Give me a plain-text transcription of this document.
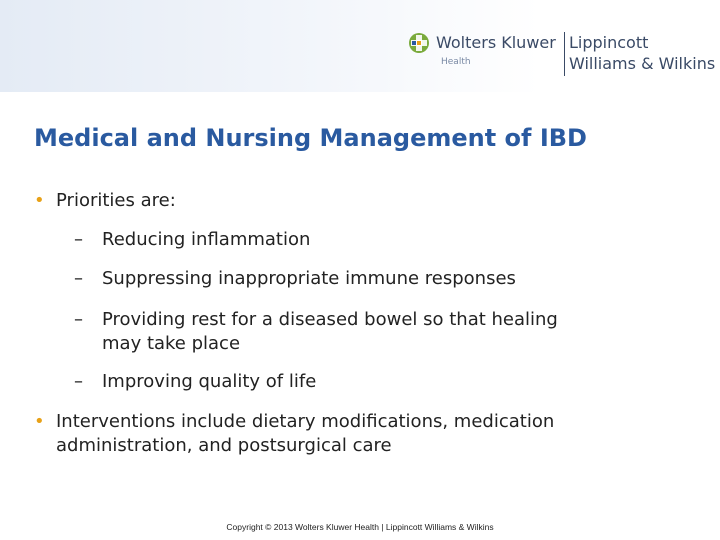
Wolters Kluwer
Health
Lippincott
Williams & Wilkins
Medical and Nursing Management of IBD
• Priorities are:
– Reducing inflammation
– Suppressing inappropriate immune responses
– Providing rest for a diseased bowel so that healing
may take place
– Improving quality of life
• Interventions include dietary modifications, medication
administration, and postsurgical care
Copyright © 2013 Wolters Kluwer Health | Lippincott Williams & Wilkins
